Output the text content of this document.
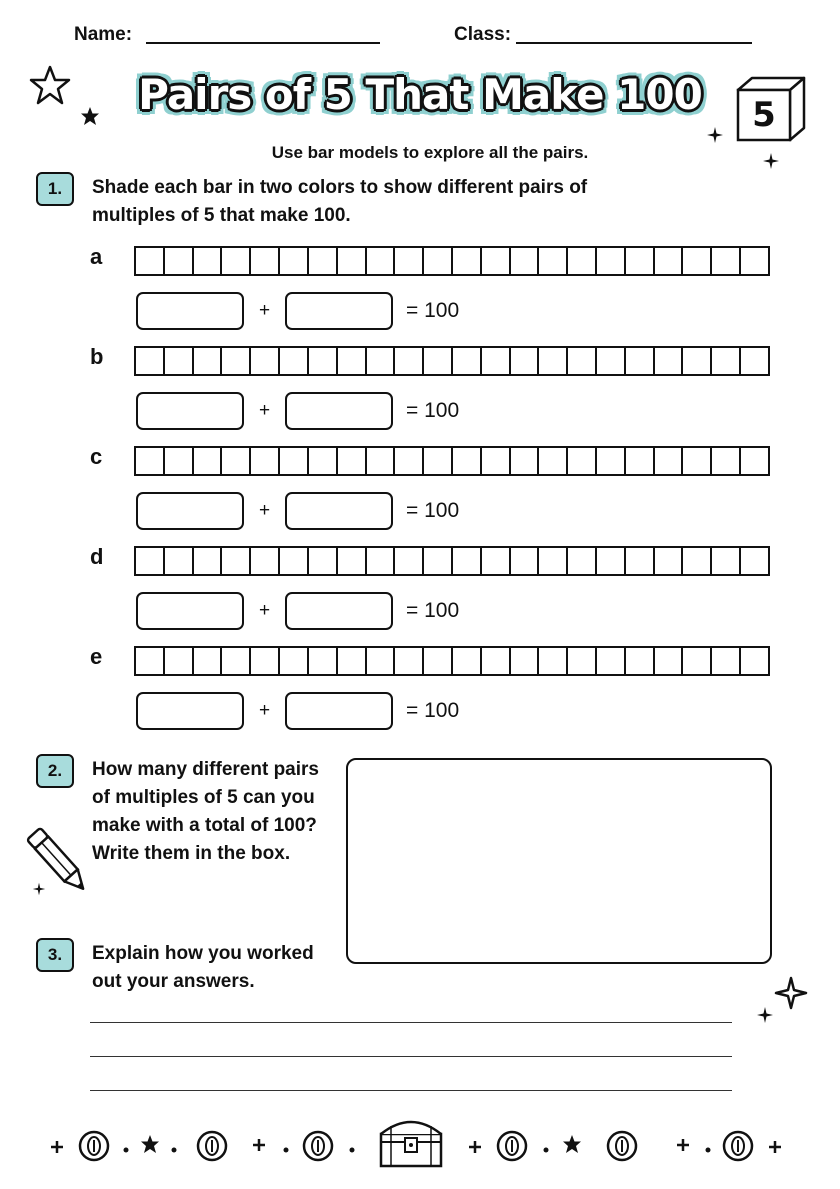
Name:	Class:
Pairs of 5 That Make 100
Use bar models to explore all the pairs.
5
1.	Shade each bar in two colors to show different pairs of
multiples of 5 that make 100.
a
+	= 100
b
+	= 100
c
+	= 100
d
+	= 100
e
+	= 100
2.	How many different pairs
of multiples of 5 can you
make with a total of 100?
Write them in the box.
3.	Explain how you worked
out your answers.
